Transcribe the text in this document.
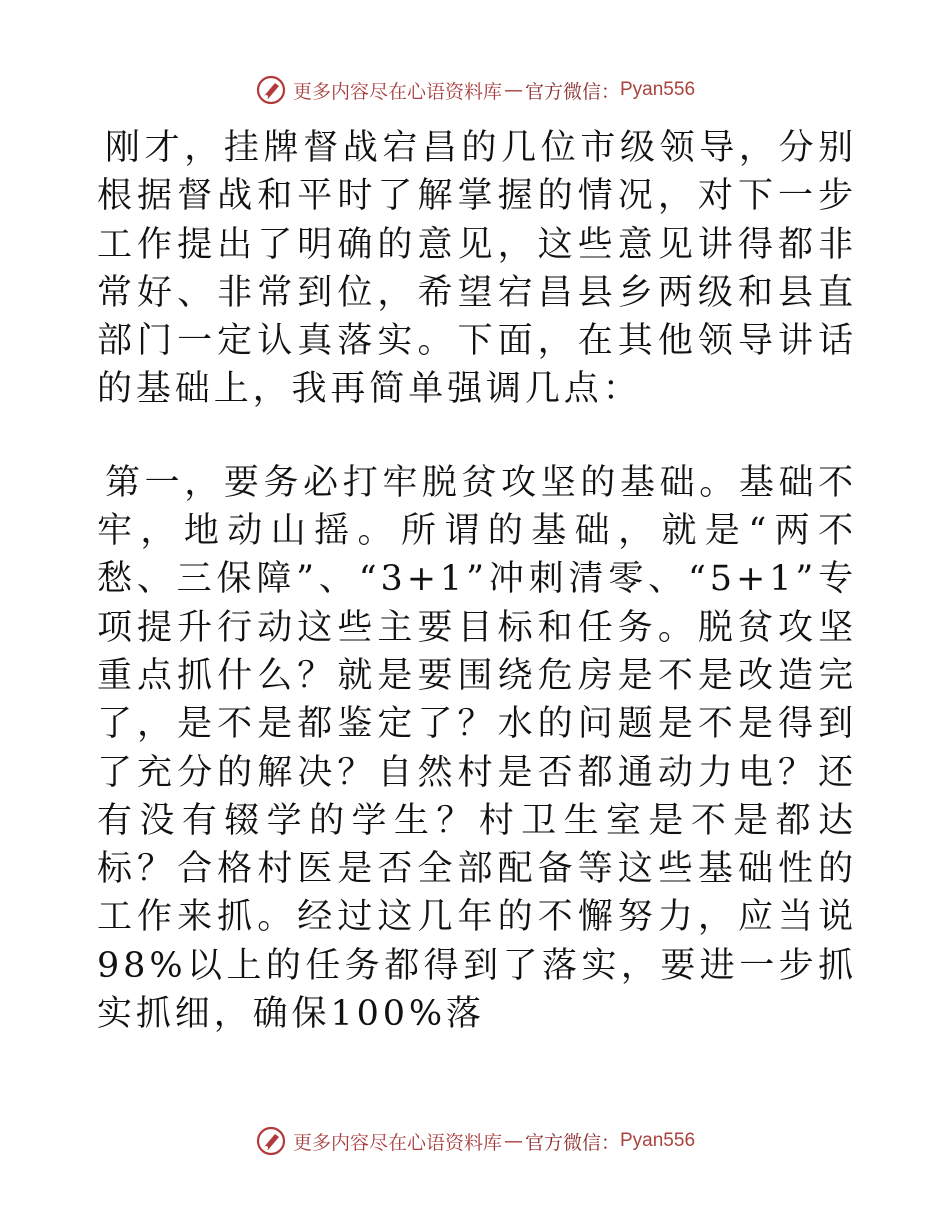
更多内容尽在心语资料库 — 官方微信： Pyan556

刚才，挂牌督战宕昌的几位市级领导，分别根据督战和平时了解掌握的情况，对下一步工作提出了明确的意见，这些意见讲得都非常好、非常到位，希望宕昌县乡两级和县直部门一定认真落实。下面，在其他领导讲话的基础上，我再简单强调几点：

第一，要务必打牢脱贫攻坚的基础。基础不牢，地动山摇。所谓的基础，就是“两不愁、三保障”、“3+1”冲刺清零、“5+1”专项提升行动这些主要目标和任务。脱贫攻坚重点抓什么？就是要围绕危房是不是改造完了，是不是都鉴定了？水的问题是不是得到了充分的解决？自然村是否都通动力电？还有没有辍学的学生？村卫生室是不是都达标？合格村医是否全部配备等这些基础性的工作来抓。经过这几年的不懈努力，应当说98%以上的任务都得到了落实，要进一步抓实抓细，确保100%落

更多内容尽在心语资料库 — 官方微信： Pyan556
